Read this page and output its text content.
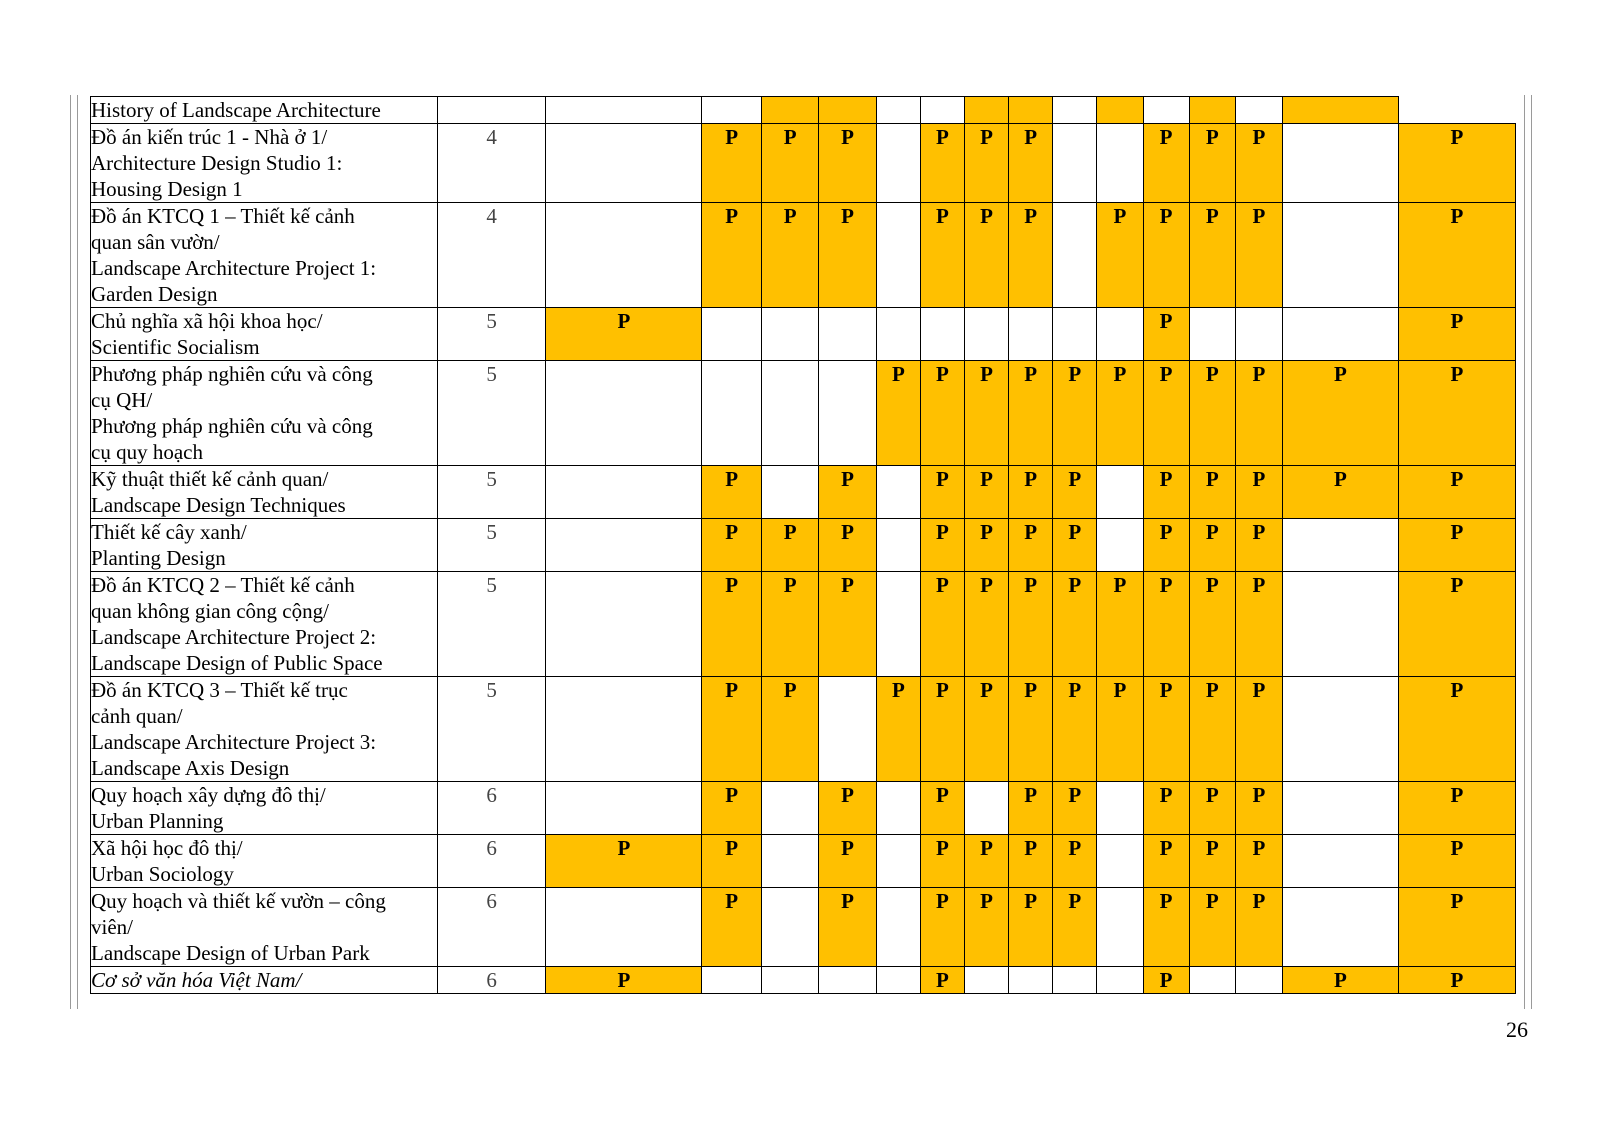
History of Landscape Architecture																
Đồ án kiến trúc 1 - Nhà ở 1/
Architecture Design Studio 1:
Housing Design 1	4		P	P	P		P	P	P			P	P	P		P
Đồ án KTCQ 1 – Thiết kế cảnh
quan sân vườn/
Landscape Architecture Project 1:
Garden Design	4		P	P	P		P	P	P		P	P	P	P		P
Chủ nghĩa xã hội khoa học/
Scientific Socialism	5	P										P				P
Phương pháp nghiên cứu và công
cụ QH/
Phương pháp nghiên cứu và công
cụ quy hoạch	5					P	P	P	P	P	P	P	P	P	P	P
Kỹ thuật thiết kế cảnh quan/
Landscape Design Techniques	5		P		P		P	P	P	P		P	P	P	P	P
Thiết kế cây xanh/
Planting Design	5		P	P	P		P	P	P	P		P	P	P		P
Đồ án KTCQ 2 – Thiết kế cảnh
quan không gian công cộng/
Landscape Architecture Project 2:
Landscape Design of Public Space	5		P	P	P		P	P	P	P	P	P	P	P		P
Đồ án KTCQ 3 – Thiết kế trục
cảnh quan/
Landscape Architecture Project 3:
Landscape Axis Design	5		P	P		P	P	P	P	P	P	P	P	P		P
Quy hoạch xây dựng đô thị/
Urban Planning	6		P		P		P		P	P		P	P	P		P
Xã hội học đô thị/
Urban Sociology	6	P	P		P		P	P	P	P		P	P	P		P
Quy hoạch và thiết kế vườn – công
viên/
Landscape Design of Urban Park	6		P		P		P	P	P	P		P	P	P		P
Cơ sở văn hóa Việt Nam/	6	P					P					P			P	P
26
